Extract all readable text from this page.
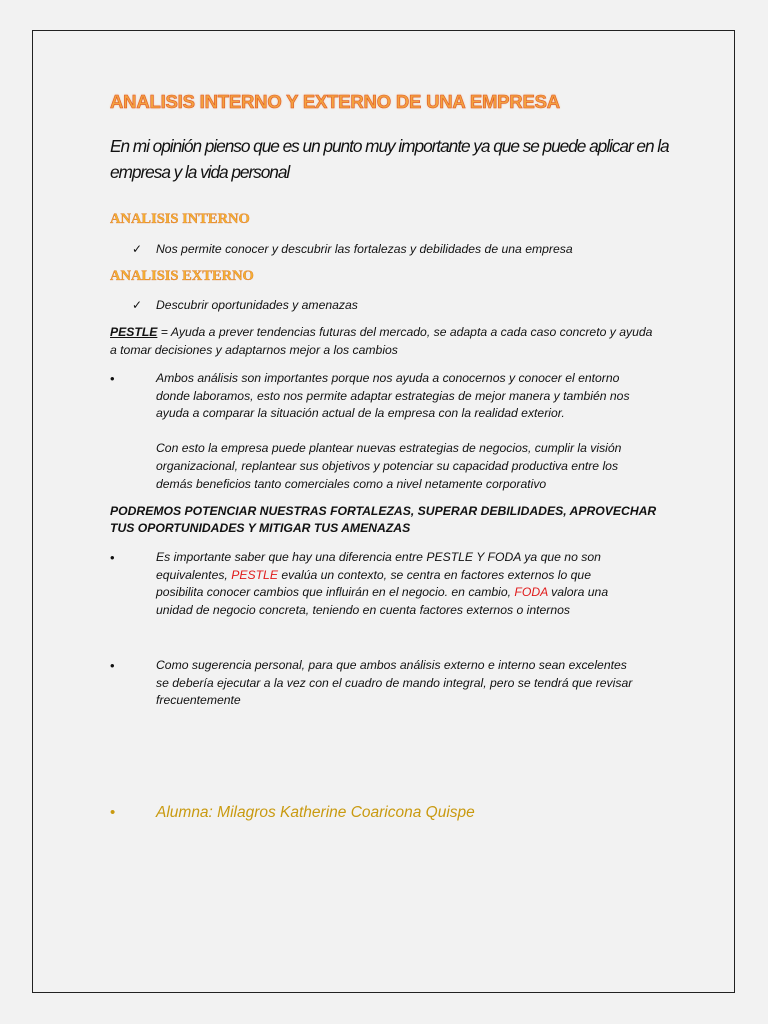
ANALISIS INTERNO Y EXTERNO DE UNA EMPRESA

En mi opinión pienso que es un punto muy importante ya que se puede aplicar en la empresa y la vida personal

ANALISIS INTERNO
✓ Nos permite conocer y descubrir las fortalezas y debilidades de una empresa
ANALISIS EXTERNO
✓ Descubrir oportunidades y amenazas

PESTLE = Ayuda a prever tendencias futuras del mercado, se adapta a cada caso concreto y ayuda a tomar decisiones y adaptarnos mejor a los cambios

•	Ambos análisis son importantes porque nos ayuda a conocernos y conocer el entorno donde laboramos, esto nos permite adaptar estrategias de mejor manera y también nos ayuda a comparar la situación actual de la empresa con la realidad exterior.
Con esto la empresa puede plantear nuevas estrategias de negocios, cumplir la visión organizacional, replantear sus objetivos y potenciar su capacidad productiva entre los demás beneficios tanto comerciales como a nivel netamente corporativo

PODREMOS POTENCIAR NUESTRAS FORTALEZAS, SUPERAR DEBILIDADES, APROVECHAR TUS OPORTUNIDADES Y MITIGAR TUS AMENAZAS

•	Es importante saber que hay una diferencia entre PESTLE Y FODA ya que no son equivalentes, PESTLE evalúa un contexto, se centra en factores externos lo que posibilita conocer cambios que influirán en el negocio. en cambio, FODA valora una unidad de negocio concreta, teniendo en cuenta factores externos o internos
•	Como sugerencia personal, para que ambos análisis externo e interno sean excelentes se debería ejecutar a la vez con el cuadro de mando integral, pero se tendrá que revisar frecuentemente
•	Alumna: Milagros Katherine Coaricona Quispe
